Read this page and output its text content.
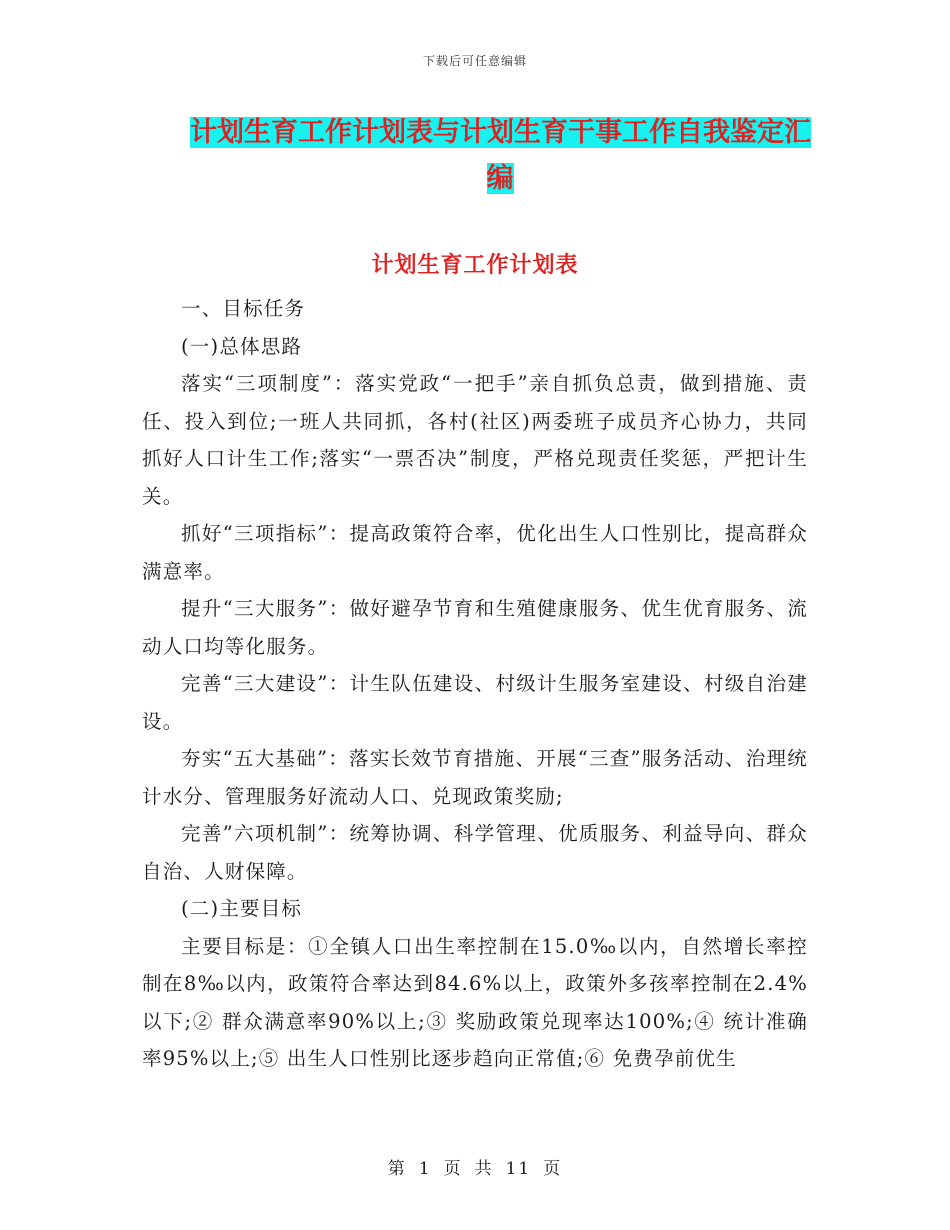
下载后可任意编辑
计划生育工作计划表与计划生育干事工作自我鉴定汇
编
计划生育工作计划表

一、目标任务

(一)总体思路

落实“三项制度”：落实党政“一把手”亲自抓负总责，做到措施、责任、投入到位;一班人共同抓，各村(社区)两委班子成员齐心协力，共同抓好人口计生工作;落实“一票否决”制度，严格兑现责任奖惩，严把计生关。

抓好“三项指标”：提高政策符合率，优化出生人口性别比，提高群众满意率。

提升“三大服务”：做好避孕节育和生殖健康服务、优生优育服务、流动人口均等化服务。

完善“三大建设”：计生队伍建设、村级计生服务室建设、村级自治建设。

夯实“五大基础”：落实长效节育措施、开展“三查”服务活动、治理统计水分、管理服务好流动人口、兑现政策奖励;

完善”六项机制”：统筹协调、科学管理、优质服务、利益导向、群众自治、人财保障。

(二)主要目标

主要目标是：①全镇人口出生率控制在15.0‰以内，自然增长率控制在8‰以内，政策符合率达到84.6%以上，政策外多孩率控制在2.4%以下;② 群众满意率90%以上;③ 奖励政策兑现率达100%;④ 统计准确率95%以上;⑤ 出生人口性别比逐步趋向正常值;⑥ 免费孕前优生

第 1 页 共 11 页
